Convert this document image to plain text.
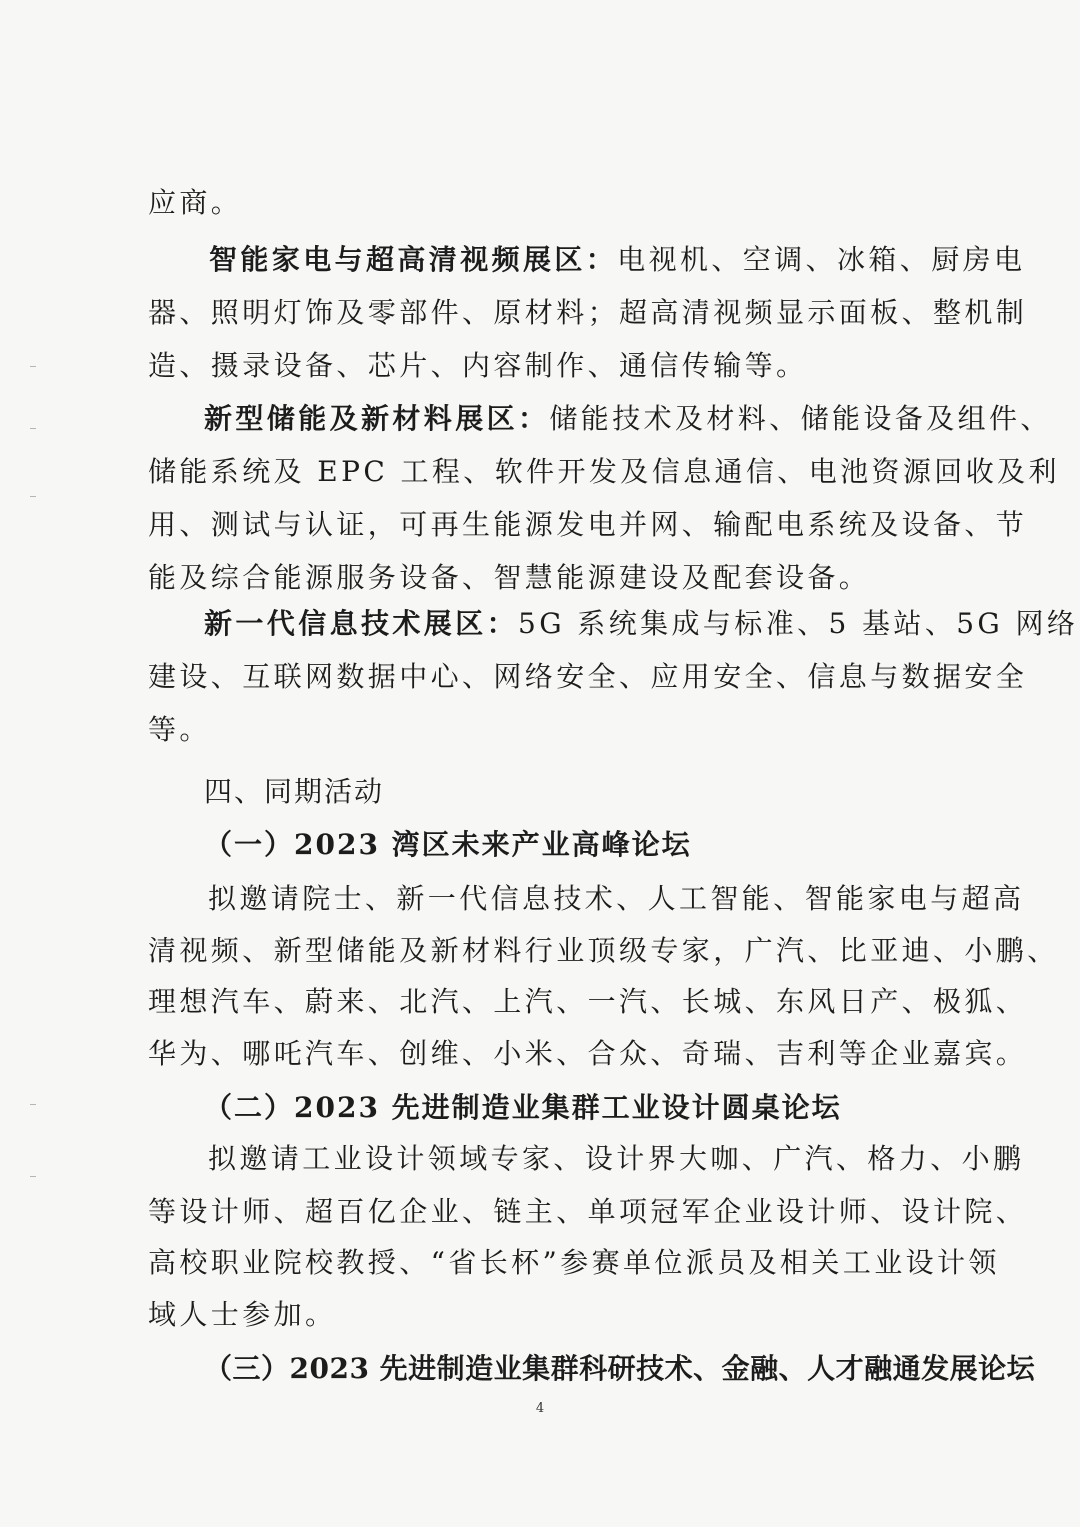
应商。
智能家电与超高清视频展区：电视机、空调、冰箱、厨房电
器、照明灯饰及零部件、原材料；超高清视频显示面板、整机制
造、摄录设备、芯片、内容制作、通信传输等。
新型储能及新材料展区：储能技术及材料、储能设备及组件、
储能系统及 EPC 工程、软件开发及信息通信、电池资源回收及利
用、测试与认证，可再生能源发电并网、输配电系统及设备、节
能及综合能源服务设备、智慧能源建设及配套设备。
新一代信息技术展区：5G 系统集成与标准、5 基站、5G 网络
建设、互联网数据中心、网络安全、应用安全、信息与数据安全
等。
四、同期活动
（一）2023 湾区未来产业高峰论坛
拟邀请院士、新一代信息技术、人工智能、智能家电与超高
清视频、新型储能及新材料行业顶级专家，广汽、比亚迪、小鹏、
理想汽车、蔚来、北汽、上汽、一汽、长城、东风日产、极狐、
华为、哪吒汽车、创维、小米、合众、奇瑞、吉利等企业嘉宾。
（二）2023 先进制造业集群工业设计圆桌论坛
拟邀请工业设计领域专家、设计界大咖、广汽、格力、小鹏
等设计师、超百亿企业、链主、单项冠军企业设计师、设计院、
高校职业院校教授、“省长杯”参赛单位派员及相关工业设计领
域人士参加。
（三）2023 先进制造业集群科研技术、金融、人才融通发展论坛
4
